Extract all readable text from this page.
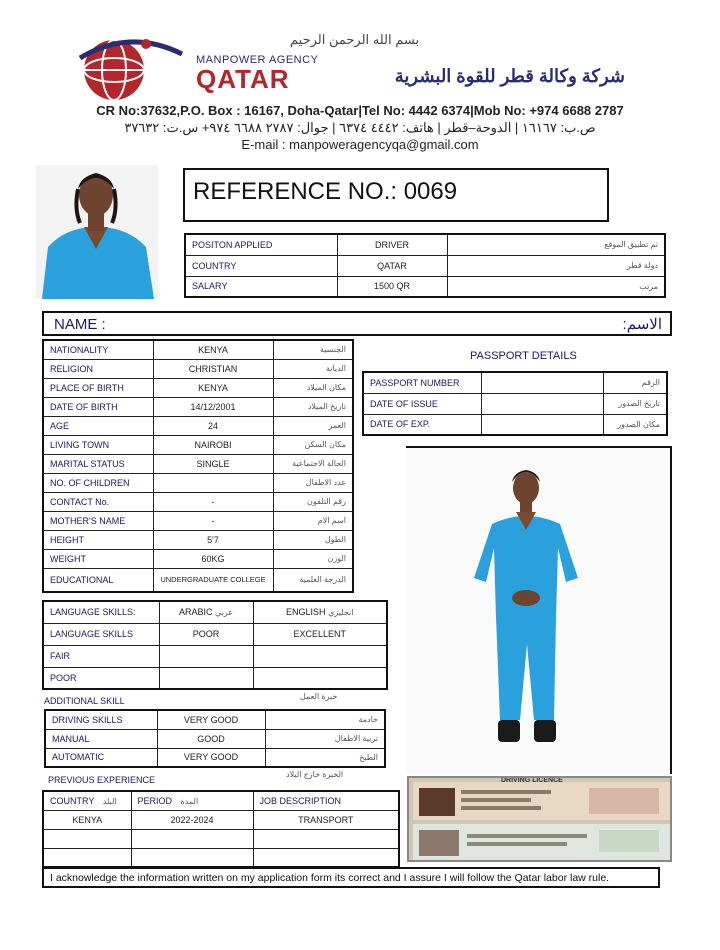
بسم الله الرحمن الرحيم
MANPOWER AGENCY
QATAR	شركة وكالة قطر للقوة البشرية
CR No:37632,P.O. Box : 16167, Doha-Qatar|Tel No: 4442 6374|Mob No: +974 6688 2787
ص.ب: ١٦١٦٧ | الدوحة–قطر | هاتف: ٤٤٤٢ ٦٣٧٤ | جوال: ٢٧٨٧ ٦٦٨٨ ٩٧٤+ س.ت: ٣٧٦٣٢
E-mail : manpoweragencyqa@gmail.com
REFERENCE NO.: 0069
POSITON APPLIED	DRIVER	تم تطبيق الموقع
COUNTRY	QATAR	دولة قطر
SALARY	1500 QR	مرتب
NAME :	الاسم:
NATIONALITY	KENYA	الجنسية
RELIGION	CHRISTIAN	الديانة
PLACE OF BIRTH	KENYA	مكان الميلاد
DATE OF BIRTH	14/12/2001	تاريخ الميلاد
AGE	24	العمر
LIVING TOWN	NAIROBI	مكان السكن
MARITAL STATUS	SINGLE	الحالة الاجتماعية
NO. OF CHILDREN		عدد الاطفال
CONTACT No.	-	رقم التلفون
MOTHER'S NAME	-	اسم الام
HEIGHT	5'7	الطول
WEIGHT	60KG	الوزن
EDUCATIONAL	UNDERGRADUATE COLLEGE	الدرجة العلمية
PASSPORT DETAILS
PASSPORT NUMBER		الرقم
DATE OF ISSUE		تاريخ الصدور
DATE OF EXP.		مكان الصدور
LANGUAGE SKILLS:	ARABIC عربي	ENGLISH انجليزي
LANGUAGE SKILLS	POOR	EXCELLENT
FAIR		
POOR		
ADDITIONAL SKILL	خبرة العمل
DRIVING SKILLS	VERY GOOD	خادمة
MANUAL	GOOD	تربية الاطفال
AUTOMATIC	VERY GOOD	الطبخ
PREVIOUS EXPERIENCE
الخبرة خارج البلاد
COUNTRY البلد	PERIOD المدة	JOB DESCRIPTION
KENYA	2022-2024	TRANSPORT

DRIVING LICENCE
I acknowledge the information written on my application form its correct and I assure I will follow the Qatar labor law rule.
